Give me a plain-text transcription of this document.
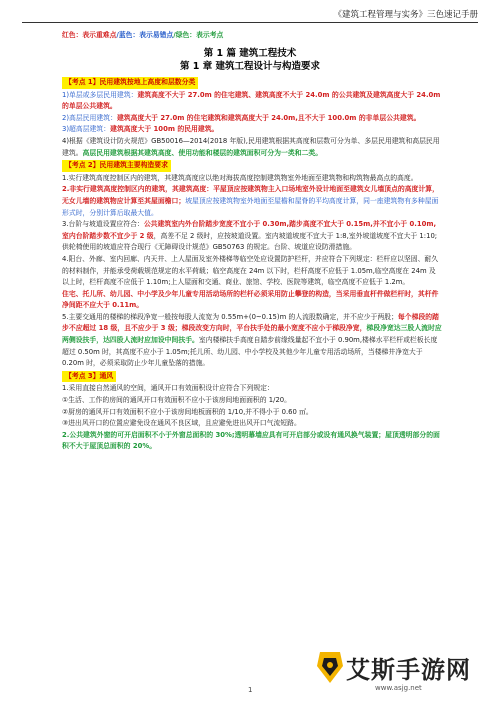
《建筑工程管理与实务》三色速记手册
红色：表示重难点/蓝色：表示易错点/绿色：表示考点
第 1 篇 建筑工程技术
第 1 章 建筑工程设计与构造要求
【考点 1】民用建筑按地上高度和层数分类

1)单层或多层民用建筑：建筑高度不大于 27.0m 的住宅建筑、建筑高度不大于 24.0m 的公共建筑及建筑高度大于 24.0m 的单层公共建筑。

2)高层民用建筑：建筑高度大于 27.0m 的住宅建筑和建筑高度大于 24.0m,且不大于 100.0m 的非单层公共建筑。

3)超高层建筑：建筑高度大于 100m 的民用建筑。

4)根据《建筑设计防火规范》GB50016—2014(2018 年版),民用建筑根据其高度和层数可分为单、多层民用建筑和高层民用建筑。高层民用建筑根据其建筑高度、使用功能和楼层的建筑面积可分为一类和二类。

【考点 2】民用建筑主要构造要求

1.实行建筑高度控制区内的建筑，其建筑高度应以绝对海拔高度控制建筑物室外地面至建筑物和构筑物最高点的高度。

2.非实行建筑高度控制区内的建筑，其建筑高度：平屋顶应按建筑物主入口场地室外设计地面至建筑女儿墙顶点的高度计算，无女儿墙的建筑物应计算至其屋面檐口；坡屋顶应按建筑物室外地面至屋檐和屋脊的平均高度计算，同一座建筑物有多种屋面形式时，分别计算后取最大值。

3.台阶与坡道设置应符合：公共建筑室内外台阶踏步宽度不宜小于 0.30m,踏步高度不宜大于 0.15m,并不宜小于 0.10m,室内台阶踏步数不宜少于 2 级，高差不足 2 级时，应按坡道设置。室内坡道坡度不宜大于 1:8,室外坡道坡度不宜大于 1:10;供轮椅使用的坡道应符合现行《无障碍设计规范》GB50763 的规定。台阶、坡道应设防滑措施。

4.阳台、外廊、室内回廊、内天井、上人屋面及室外楼梯等临空处应设置防护栏杆，并应符合下列规定：栏杆应以坚固、耐久的材料制作，并能承受荷载规范规定的水平荷载；临空高度在 24m 以下时，栏杆高度不应低于 1.05m,临空高度在 24m 及以上时，栏杆高度不应低于 1.10m;上人屋面和交通、商业、旅馆、学校、医院等建筑，临空高度不应低于 1.2m。

住宅、托儿所、幼儿园、中小学及少年儿童专用活动场所的栏杆必须采用防止攀登的构造，当采用垂直杆件做栏杆时，其杆件净间距不应大于 0.11m。

5.主要交通用的楼梯的梯段净宽一般按每股人流宽为 0.55m+(0~0.15)m 的人流股数确定，并不应少于两股；每个梯段的踏步不应超过 18 级，且不应少于 3 级；梯段改变方向时，平台扶手处的最小宽度不应小于梯段净宽，梯段净宽达三股人流时应两侧设扶手，达四股人流时应加设中间扶手。室内楼梯扶手高度自踏步前缘线量起不宜小于 0.90m,楼梯水平栏杆或栏板长度超过 0.50m 时，其高度不应小于 1.05m;托儿所、幼儿园、中小学校及其他少年儿童专用活动场所，当楼梯井净宽大于 0.20m 时，必须采取防止少年儿童坠落的措施。

【考点 3】通风

1.采用直接自然通风的空间，通风开口有效面积设计应符合下列规定：

①生活、工作的房间的通风开口有效面积不应小于该房间地面面积的 1/20。

②厨房的通风开口有效面积不应小于该房间地板面积的 1/10,并不得小于 0.60 ㎡。

③进出风开口的位置应避免设在通风不良区域，且应避免进出风开口气流短路。

2.公共建筑外窗的可开启面积不小于外窗总面积的 30%;透明幕墙应具有可开启部分或设有通风换气装置；屋顶透明部分的面积不大于屋顶总面积的 20%。

1
艾斯手游网
www.asjg.net
